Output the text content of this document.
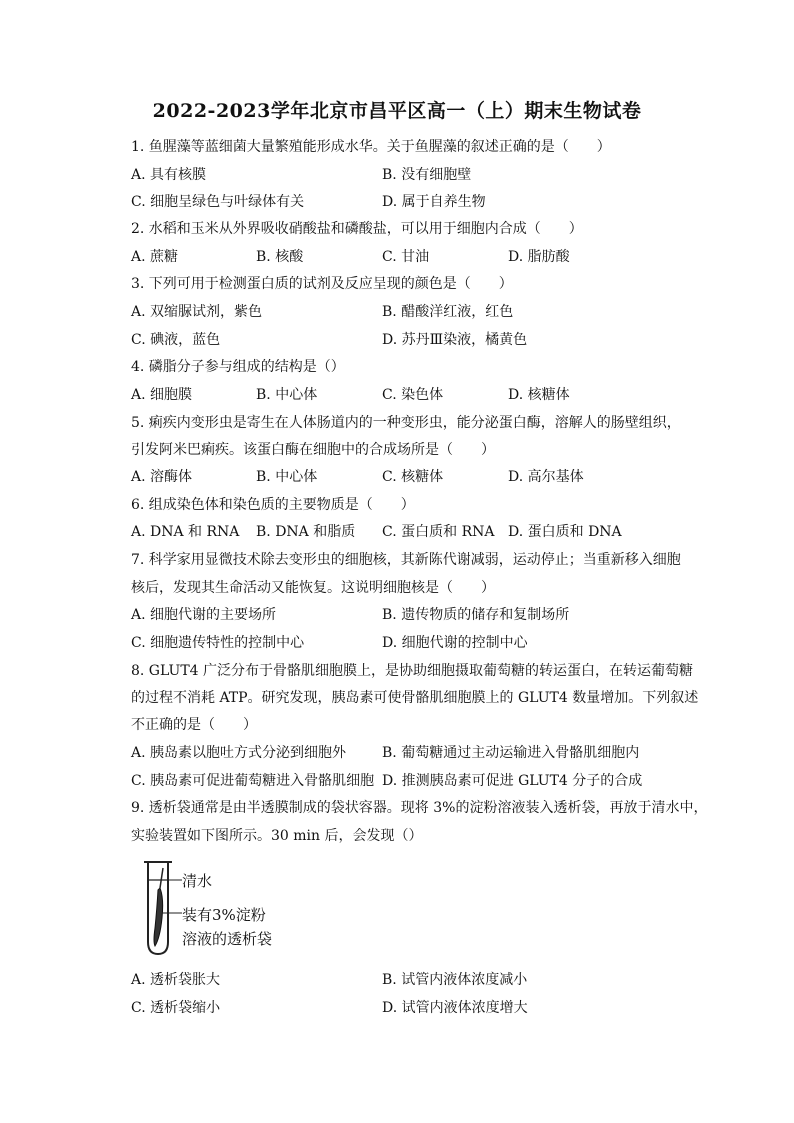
2022-2023学年北京市昌平区高一（上）期末生物试卷
1. 鱼腥藻等蓝细菌大量繁殖能形成水华。关于鱼腥藻的叙述正确的是（　　）
A. 具有核膜	B. 没有细胞壁
C. 细胞呈绿色与叶绿体有关	D. 属于自养生物
2. 水稻和玉米从外界吸收硝酸盐和磷酸盐，可以用于细胞内合成（　　）
A. 蔗糖	B. 核酸	C. 甘油	D. 脂肪酸
3. 下列可用于检测蛋白质的试剂及反应呈现的颜色是（　　）
A. 双缩脲试剂，紫色	B. 醋酸洋红液，红色
C. 碘液，蓝色	D. 苏丹Ⅲ染液，橘黄色
4. 磷脂分子参与组成的结构是（）
A. 细胞膜	B. 中心体	C. 染色体	D. 核糖体
5. 痢疾内变形虫是寄生在人体肠道内的一种变形虫，能分泌蛋白酶，溶解人的肠壁组织，
引发阿米巴痢疾。该蛋白酶在细胞中的合成场所是（　　）
A. 溶酶体	B. 中心体	C. 核糖体	D. 高尔基体
6. 组成染色体和染色质的主要物质是（　　）
A. DNA 和 RNA B. DNA 和脂质 C. 蛋白质和 RNA D. 蛋白质和 DNA
7. 科学家用显微技术除去变形虫的细胞核，其新陈代谢减弱，运动停止；当重新移入细胞
核后，发现其生命活动又能恢复。这说明细胞核是（　　）
A. 细胞代谢的主要场所	B. 遗传物质的储存和复制场所
C. 细胞遗传特性的控制中心	D. 细胞代谢的控制中心
8. GLUT4 广泛分布于骨骼肌细胞膜上，是协助细胞摄取葡萄糖的转运蛋白，在转运葡萄糖
的过程不消耗 ATP。研究发现，胰岛素可使骨骼肌细胞膜上的 GLUT4 数量增加。下列叙述
不正确的是（　　）
A. 胰岛素以胞吐方式分泌到细胞外	B. 葡萄糖通过主动运输进入骨骼肌细胞内
C. 胰岛素可促进葡萄糖进入骨骼肌细胞 D. 推测胰岛素可促进 GLUT4 分子的合成
9. 透析袋通常是由半透膜制成的袋状容器。现将 3%的淀粉溶液装入透析袋，再放于清水中，
实验装置如下图所示。30 min 后，会发现（）
清水
装有3%淀粉
溶液的透析袋
A. 透析袋胀大	B. 试管内液体浓度减小
C. 透析袋缩小	D. 试管内液体浓度增大
